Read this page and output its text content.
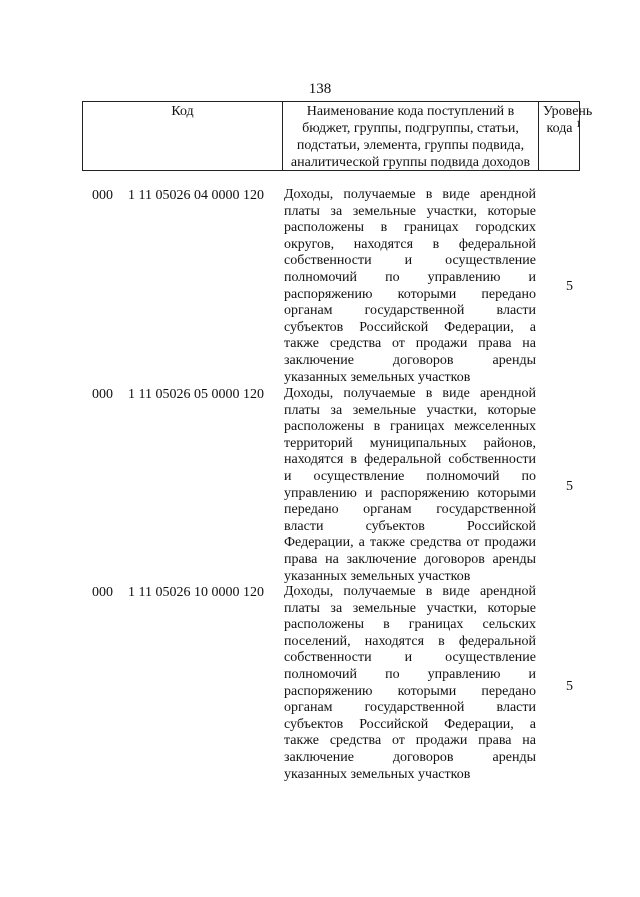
138
Код	Наименование кода поступлений в
бюджет, группы, подгруппы, статьи,
подстатьи, элемента, группы подвида,
аналитической группы подвида доходов
Уровень
кода $^1$
000 1 11 05026 04 0000 120 Доходы, получаемые в виде арендной
платы за земельные участки, которые
расположены в границах городских
округов, находятся в федеральной
собственности и осуществление
полномочий по управлению и
распоряжению которыми передано
органам государственной власти
субъектов Российской Федерации, а
также средства от продажи права на
заключение договоров аренды
указанных земельных участков
5
000 1 11 05026 05 0000 120 Доходы, получаемые в виде арендной
платы за земельные участки, которые
расположены в границах межселенных
территорий муниципальных районов,
находятся в федеральной собственности
и осуществление полномочий по
управлению и распоряжению которыми
передано органам государственной
власти субъектов Российской
Федерации, а также средства от продажи
права на заключение договоров аренды
указанных земельных участков
5
000 1 11 05026 10 0000 120 Доходы, получаемые в виде арендной
платы за земельные участки, которые
расположены в границах сельских
поселений, находятся в федеральной
собственности и осуществление
полномочий по управлению и
распоряжению которыми передано
органам государственной власти
субъектов Российской Федерации, а
также средства от продажи права на
заключение договоров аренды
указанных земельных участков
5
